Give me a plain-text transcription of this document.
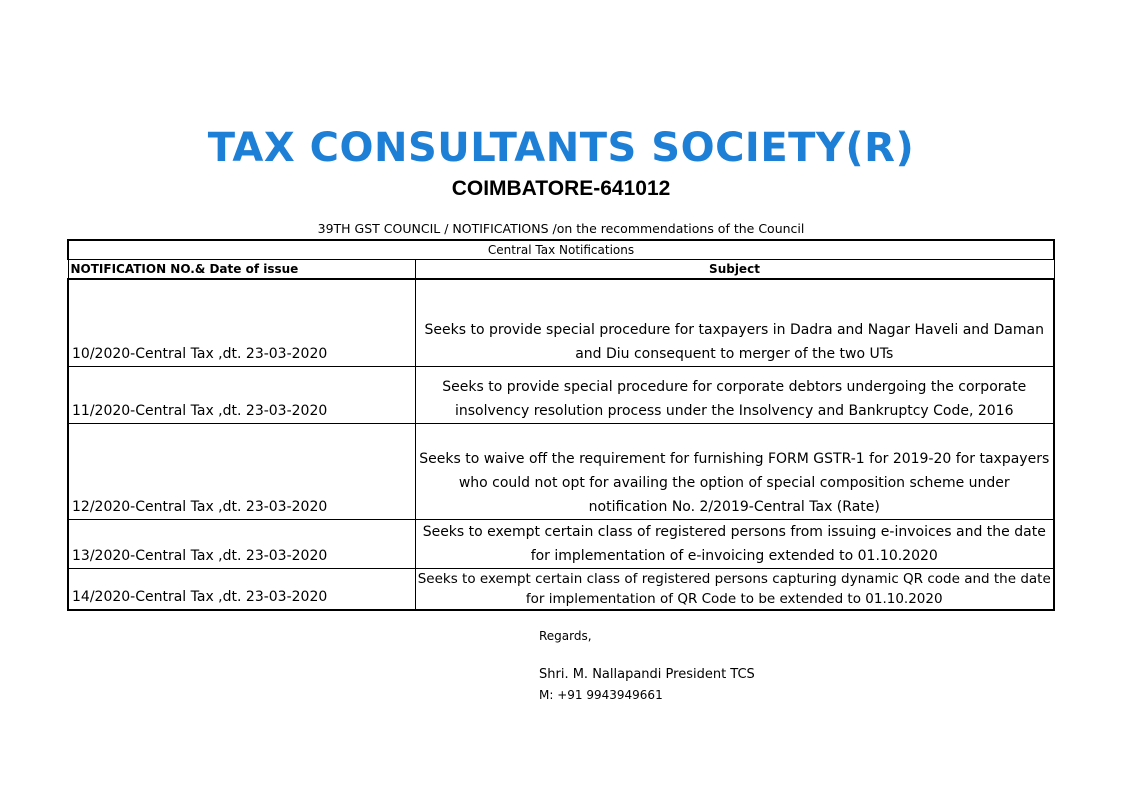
TAX CONSULTANTS SOCIETY(R)
COIMBATORE-641012
39TH GST COUNCIL / NOTIFICATIONS /on the recommendations of the Council
Central Tax Notifications	
NOTIFICATION NO.& Date of issue	Subject
10/2020-Central Tax ,dt. 23-03-2020	Seeks to provide special procedure for taxpayers in Dadra and Nagar Haveli and Daman and Diu consequent to merger of the two UTs
11/2020-Central Tax ,dt. 23-03-2020	Seeks to provide special procedure for corporate debtors undergoing the corporate insolvency resolution process under the Insolvency and Bankruptcy Code, 2016
12/2020-Central Tax ,dt. 23-03-2020	Seeks to waive off the requirement for furnishing FORM GSTR-1 for 2019-20 for taxpayers who could not opt for availing the option of special composition scheme under notification No. 2/2019-Central Tax (Rate)
13/2020-Central Tax ,dt. 23-03-2020	Seeks to exempt certain class of registered persons from issuing e-invoices and the date for implementation of e-invoicing extended to 01.10.2020
14/2020-Central Tax ,dt. 23-03-2020	Seeks to exempt certain class of registered persons capturing dynamic QR code and the date for implementation of QR Code to be extended to 01.10.2020
Regards,
Shri. M. Nallapandi President TCS
M: +91 9943949661
